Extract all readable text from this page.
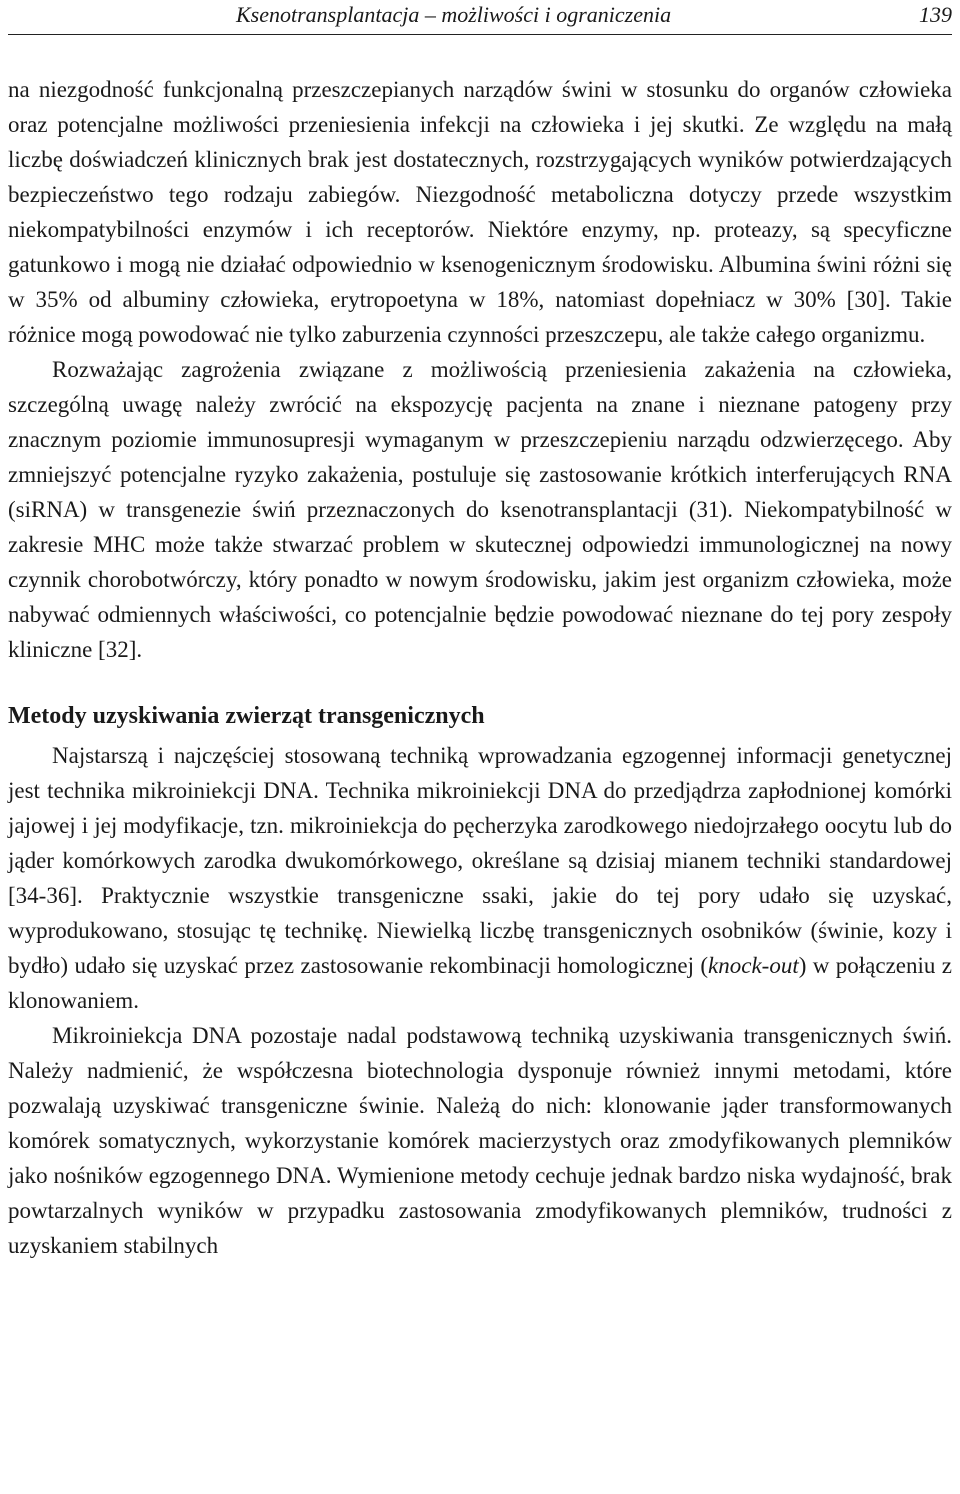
Ksenotransplantacja – możliwości i ograniczenia	139

na niezgodność funkcjonalną przeszczepianych narządów świni w stosunku do organów człowieka oraz potencjalne możliwości przeniesienia infekcji na człowieka i jej skutki. Ze względu na małą liczbę doświadczeń klinicznych brak jest dostatecznych, rozstrzygających wyników potwierdzających bezpieczeństwo tego rodzaju zabiegów. Niezgodność metaboliczna dotyczy przede wszystkim niekompatybilności enzymów i ich receptorów. Niektóre enzymy, np. proteazy, są specyficzne gatunkowo i mogą nie działać odpowiednio w ksenogenicznym środowisku. Albumina świni różni się w 35% od albuminy człowieka, erytropoetyna w 18%, natomiast dopełniacz w 30% [30]. Takie różnice mogą powodować nie tylko zaburzenia czynności przeszczepu, ale także całego organizmu.

Rozważając zagrożenia związane z możliwością przeniesienia zakażenia na człowieka, szczególną uwagę należy zwrócić na ekspozycję pacjenta na znane i nieznane patogeny przy znacznym poziomie immunosupresji wymaganym w przeszczepieniu narządu odzwierzęcego. Aby zmniejszyć potencjalne ryzyko zakażenia, postuluje się zastosowanie krótkich interferujących RNA (siRNA) w transgenezie świń przeznaczonych do ksenotransplantacji (31). Niekompatybilność w zakresie MHC może także stwarzać problem w skutecznej odpowiedzi immunologicznej na nowy czynnik chorobotwórczy, który ponadto w nowym środowisku, jakim jest organizm człowieka, może nabywać odmiennych właściwości, co potencjalnie będzie powodować nieznane do tej pory zespoły kliniczne [32].

Metody uzyskiwania zwierząt transgenicznych

Najstarszą i najczęściej stosowaną techniką wprowadzania egzogennej informacji genetycznej jest technika mikroiniekcji DNA. Technika mikroiniekcji DNA do przedjądrza zapłodnionej komórki jajowej i jej modyfikacje, tzn. mikroiniekcja do pęcherzyka zarodkowego niedojrzałego oocytu lub do jąder komórkowych zarodka dwukomórkowego, określane są dzisiaj mianem techniki standardowej [34-36]. Praktycznie wszystkie transgeniczne ssaki, jakie do tej pory udało się uzyskać, wyprodukowano, stosując tę technikę. Niewielką liczbę transgenicznych osobników (świnie, kozy i bydło) udało się uzyskać przez zastosowanie rekombinacji homologicznej (knock-out) w połączeniu z klonowaniem.

Mikroiniekcja DNA pozostaje nadal podstawową techniką uzyskiwania transgenicznych świń. Należy nadmienić, że współczesna biotechnologia dysponuje również innymi metodami, które pozwalają uzyskiwać transgeniczne świnie. Należą do nich: klonowanie jąder transformowanych komórek somatycznych, wykorzystanie komórek macierzystych oraz zmodyfikowanych plemników jako nośników egzogennego DNA. Wymienione metody cechuje jednak bardzo niska wydajność, brak powtarzalnych wyników w przypadku zastosowania zmodyfikowanych plemników, trudności z uzyskaniem stabilnych
